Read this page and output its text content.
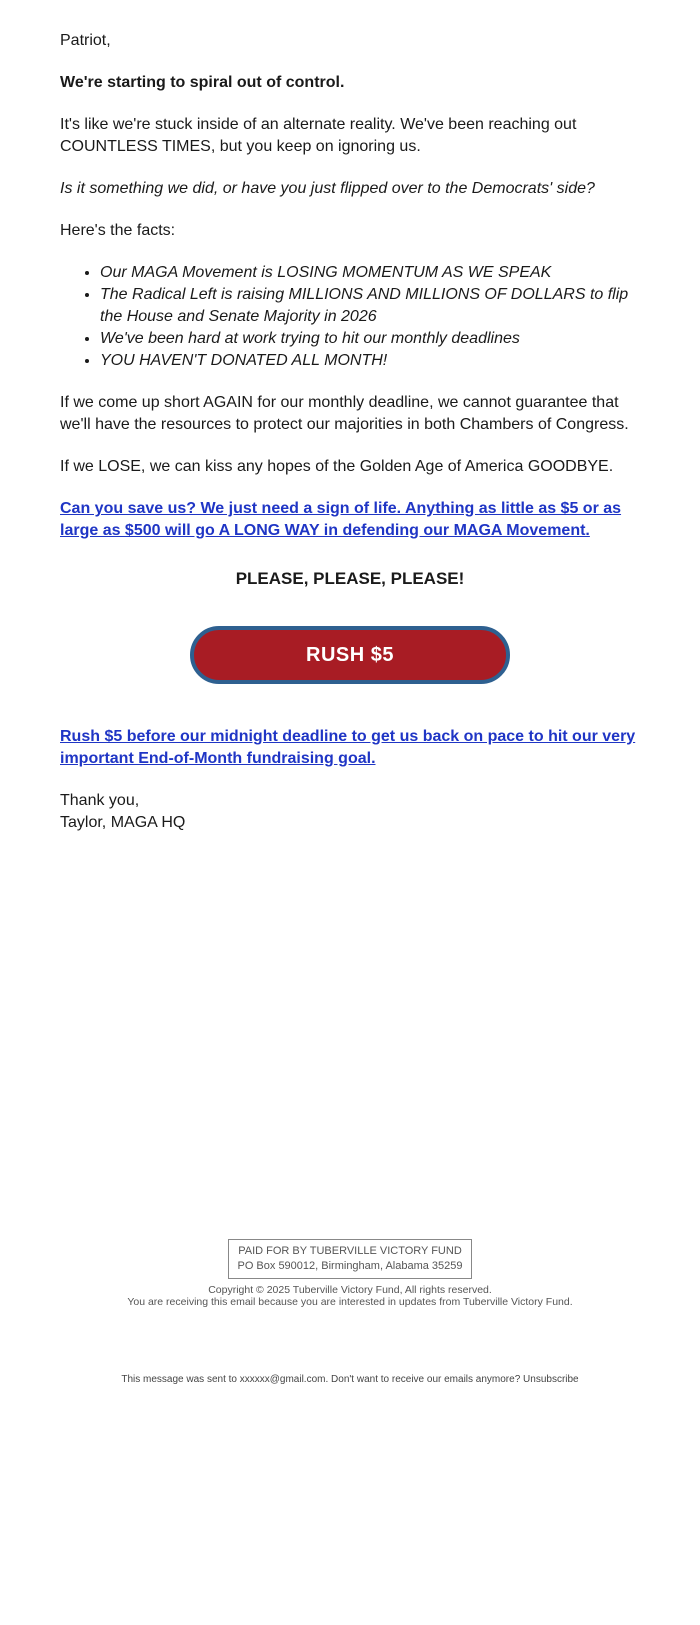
Patriot,

We're starting to spiral out of control.

It's like we're stuck inside of an alternate reality. We've been reaching out COUNTLESS TIMES, but you keep on ignoring us.

Is it something we did, or have you just flipped over to the Democrats' side?

Here's the facts:

• Our MAGA Movement is LOSING MOMENTUM AS WE SPEAK
• The Radical Left is raising MILLIONS AND MILLIONS OF DOLLARS to flip the House and Senate Majority in 2026
• We've been hard at work trying to hit our monthly deadlines
• YOU HAVEN'T DONATED ALL MONTH!

If we come up short AGAIN for our monthly deadline, we cannot guarantee that we'll have the resources to protect our majorities in both Chambers of Congress.

If we LOSE, we can kiss any hopes of the Golden Age of America GOODBYE.

Can you save us? We just need a sign of life. Anything as little as $5 or as large as $500 will go A LONG WAY in defending our MAGA Movement.

PLEASE, PLEASE, PLEASE!

RUSH $5

Rush $5 before our midnight deadline to get us back on pace to hit our very important End-of-Month fundraising goal.

Thank you,
Taylor, MAGA HQ

PAID FOR BY TUBERVILLE VICTORY FUND
PO Box 590012, Birmingham, Alabama 35259
Copyright © 2025 Tuberville Victory Fund, All rights reserved.
You are receiving this email because you are interested in updates from Tuberville Victory Fund.
This message was sent to xxxxxx@gmail.com. Don't want to receive our emails anymore? Unsubscribe
